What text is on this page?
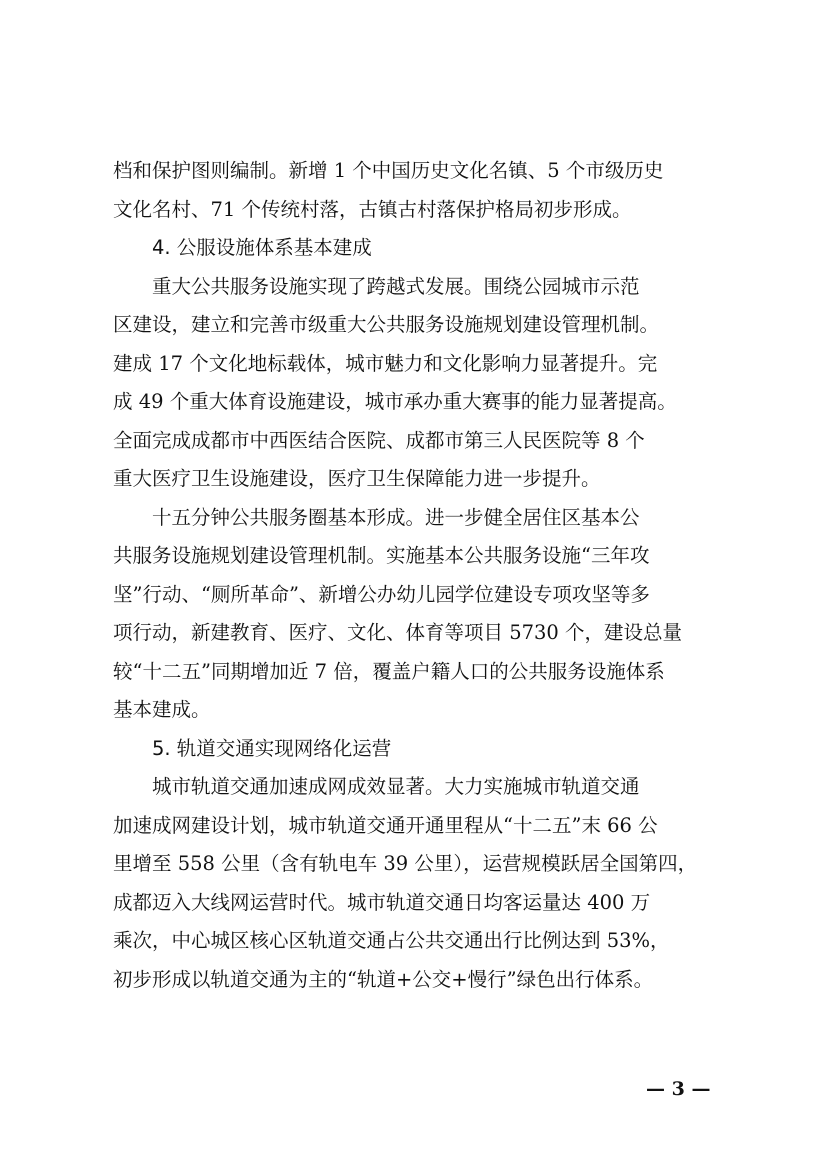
档和保护图则编制。新增 1 个中国历史文化名镇、5 个市级历史
文化名村、71 个传统村落，古镇古村落保护格局初步形成。
4. 公服设施体系基本建成
重大公共服务设施实现了跨越式发展。围绕公园城市示范
区建设，建立和完善市级重大公共服务设施规划建设管理机制。
建成 17 个文化地标载体，城市魅力和文化影响力显著提升。完
成 49 个重大体育设施建设，城市承办重大赛事的能力显著提高。
全面完成成都市中西医结合医院、成都市第三人民医院等 8 个
重大医疗卫生设施建设，医疗卫生保障能力进一步提升。
十五分钟公共服务圈基本形成。进一步健全居住区基本公
共服务设施规划建设管理机制。实施基本公共服务设施“三年攻
坚”行动、“厕所革命”、新增公办幼儿园学位建设专项攻坚等多
项行动，新建教育、医疗、文化、体育等项目 5730 个，建设总量
较“十二五”同期增加近 7 倍，覆盖户籍人口的公共服务设施体系
基本建成。
5. 轨道交通实现网络化运营
城市轨道交通加速成网成效显著。大力实施城市轨道交通
加速成网建设计划，城市轨道交通开通里程从“十二五”末 66 公
里增至 558 公里（含有轨电车 39 公里），运营规模跃居全国第四，
成都迈入大线网运营时代。城市轨道交通日均客运量达 400 万
乘次，中心城区核心区轨道交通占公共交通出行比例达到 53%，
初步形成以轨道交通为主的“轨道+公交+慢行”绿色出行体系。
— 3 —
